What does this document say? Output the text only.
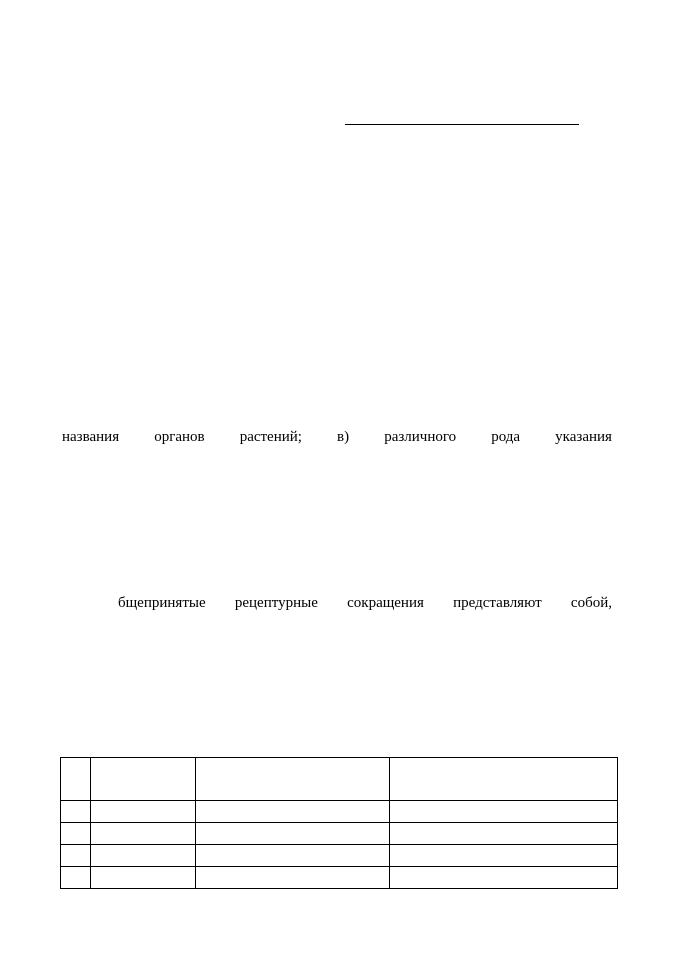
названия органов растений; в) различного рода указания
бщепринятые рецептурные сокращения представляют собой,
